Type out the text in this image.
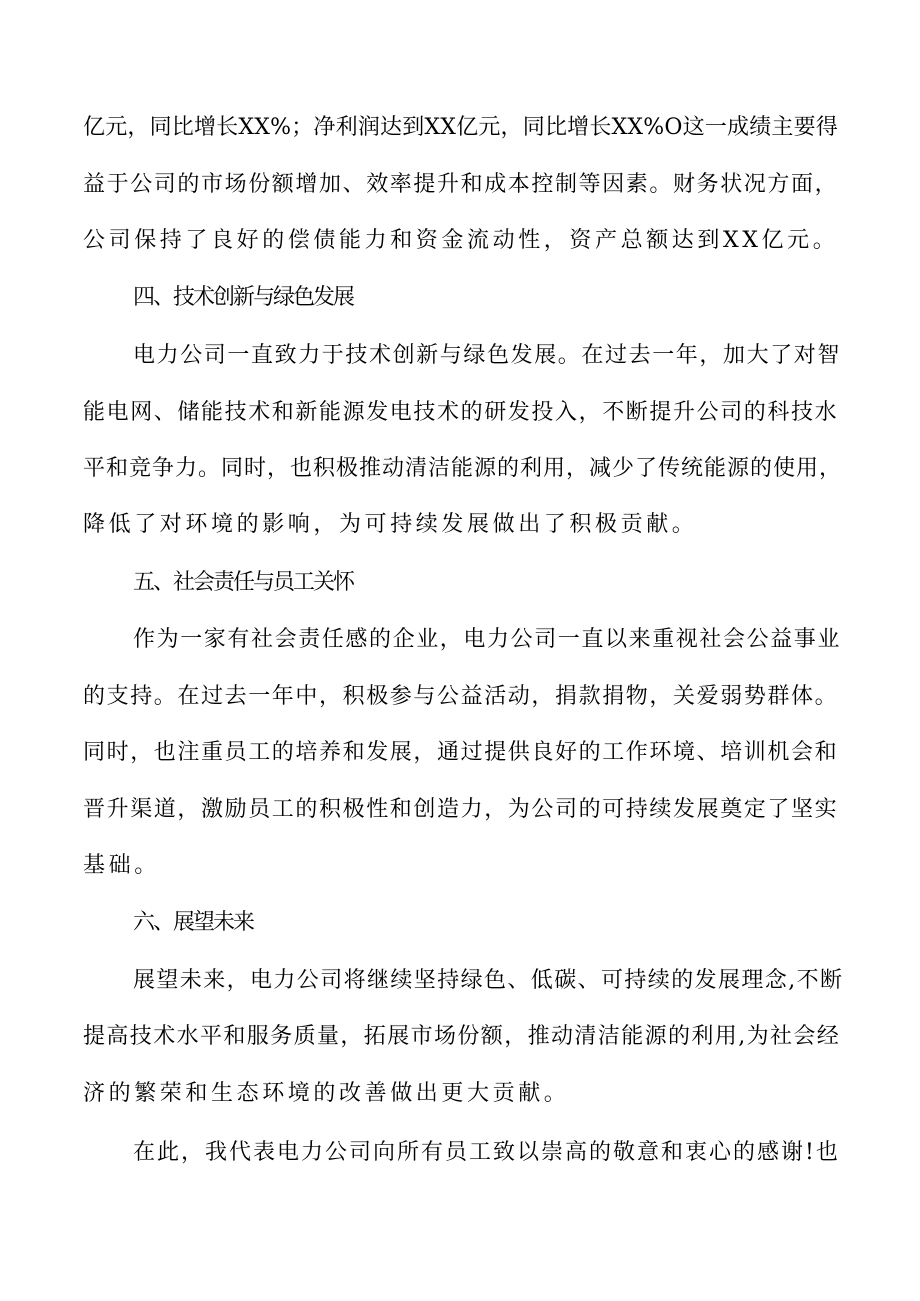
亿元，同比增长XX%；净利润达到XX亿元，同比增长XX%O这一成绩主要得
益于公司的市场份额增加、效率提升和成本控制等因素。财务状况方面，
公司保持了良好的偿债能力和资金流动性，资产总额达到XX亿元。
四、技术创新与绿色发展
电力公司一直致力于技术创新与绿色发展。在过去一年，加大了对智
能电网、储能技术和新能源发电技术的研发投入，不断提升公司的科技水
平和竞争力。同时，也积极推动清洁能源的利用，减少了传统能源的使用，
降低了对环境的影响，为可持续发展做出了积极贡献。
五、社会责任与员工关怀
作为一家有社会责任感的企业，电力公司一直以来重视社会公益事业
的支持。在过去一年中，积极参与公益活动，捐款捐物，关爱弱势群体。
同时，也注重员工的培养和发展，通过提供良好的工作环境、培训机会和
晋升渠道，激励员工的积极性和创造力，为公司的可持续发展奠定了坚实
基础。
六、展望未来
展望未来，电力公司将继续坚持绿色、低碳、可持续的发展理念,不断
提高技术水平和服务质量，拓展市场份额，推动清洁能源的利用,为社会经
济的繁荣和生态环境的改善做出更大贡献。
在此，我代表电力公司向所有员工致以崇高的敬意和衷心的感谢!也
